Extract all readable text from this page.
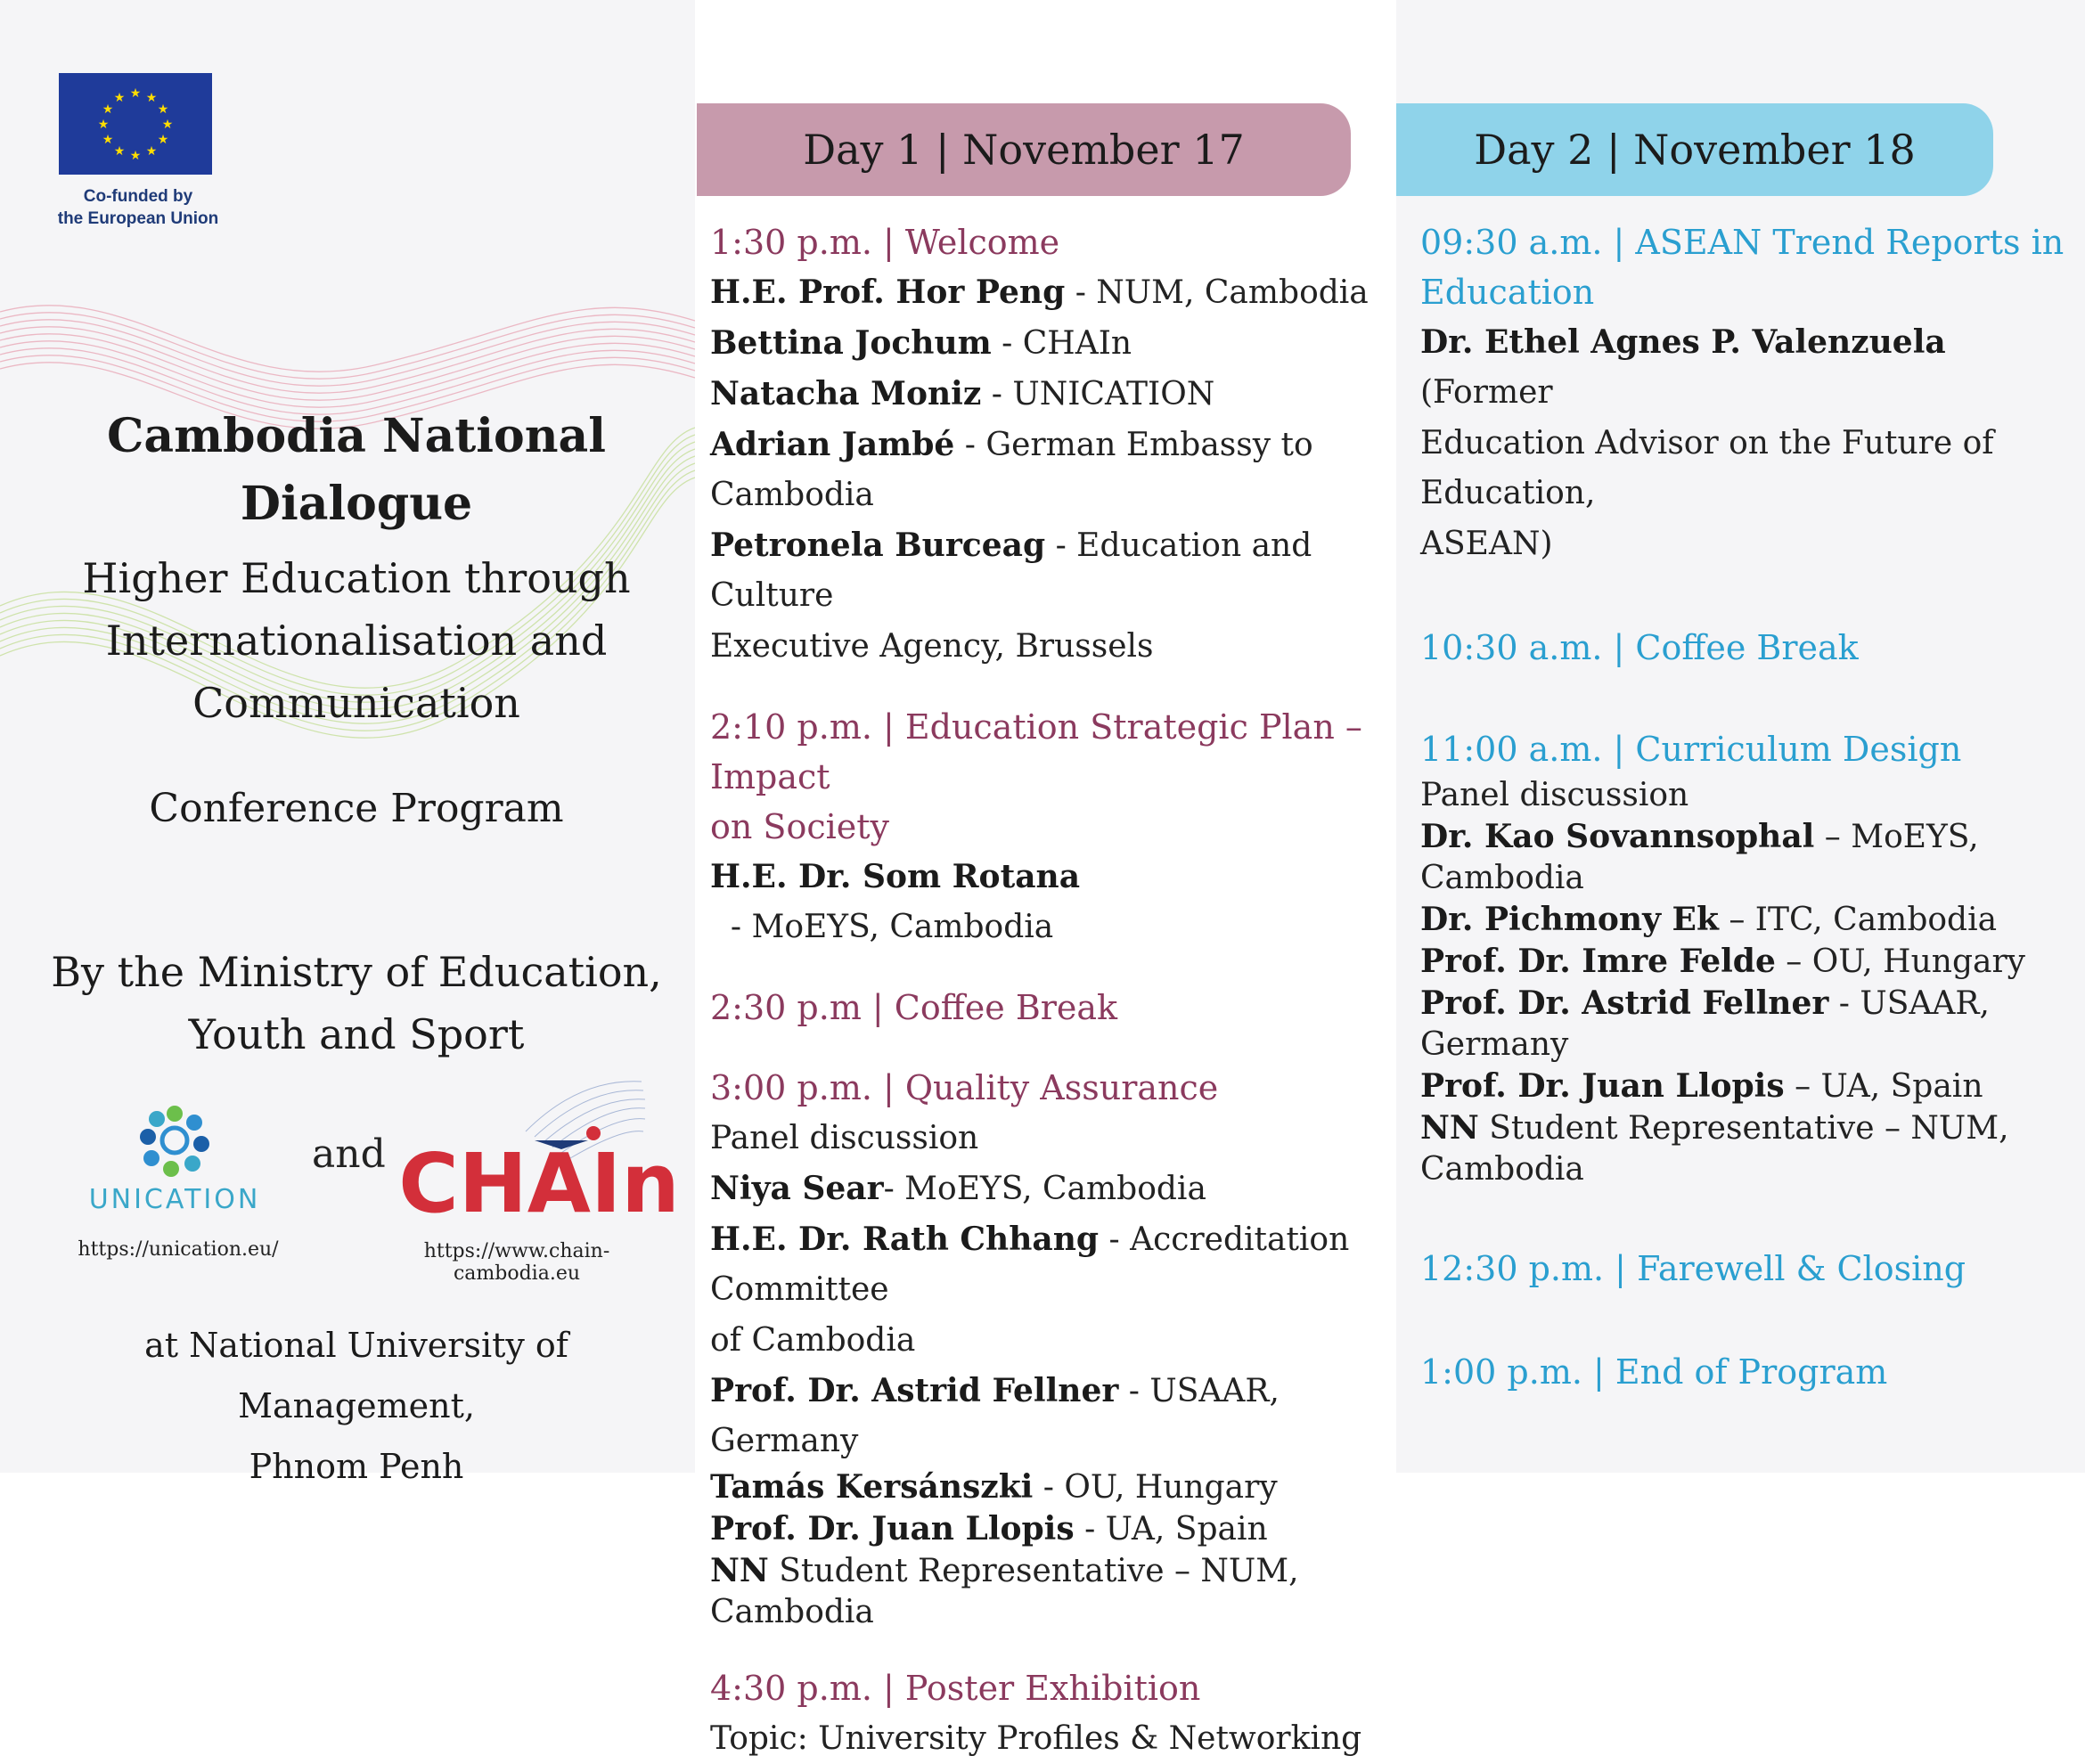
★ ★
★
★
★
★
★
★
★
★
★
★
Co-funded by
the European Union
Cambodia National
Dialogue
Higher Education through
Internationalisation and
Communication
Conference Program
By the Ministry of Education,
Youth and Sport
UNICATION
https://unication.eu/
and CHAIn
https://www.chain-cambodia.eu
at National University of Management,
Phnom Penh
Day 1 | November 17	Day 2 | November 18
1:30 p.m. | Welcome
H.E. Prof. Hor Peng - NUM, Cambodia
Bettina Jochum - CHAIn
Natacha Moniz - UNICATION
Adrian Jambé - German Embassy to Cambodia
Petronela Burceag - Education and Culture
Executive Agency, Brussels
2:10 p.m. | Education Strategic Plan – Impact
on Society
H.E. Dr. Som Rotana  - MoEYS, Cambodia
2:30 p.m | Coffee Break
3:00 p.m. | Quality Assurance
Panel discussion
Niya Sear- MoEYS, Cambodia
H.E. Dr. Rath Chhang - Accreditation Committee
of Cambodia
Prof. Dr. Astrid Fellner - USAAR, Germany
Tamás Kersánszki - OU, Hungary
Prof. Dr. Juan Llopis - UA, Spain
NN Student Representative – NUM, Cambodia
4:30 p.m. | Poster Exhibition
Topic: University Profiles & Networking
09:30 a.m. | ASEAN Trend Reports in
Education
Dr. Ethel Agnes P. Valenzuela (Former
Education Advisor on the Future of Education,
ASEAN)
10:30 a.m. | Coffee Break
11:00 a.m. | Curriculum Design
Panel discussion
Dr. Kao Sovannsophal – MoEYS, Cambodia
Dr. Pichmony Ek – ITC, Cambodia
Prof. Dr. Imre Felde – OU, Hungary
Prof. Dr. Astrid Fellner - USAAR, Germany
Prof. Dr. Juan Llopis – UA, Spain
NN Student Representative – NUM, Cambodia
12:30 p.m. | Farewell & Closing
1:00 p.m. | End of Program
